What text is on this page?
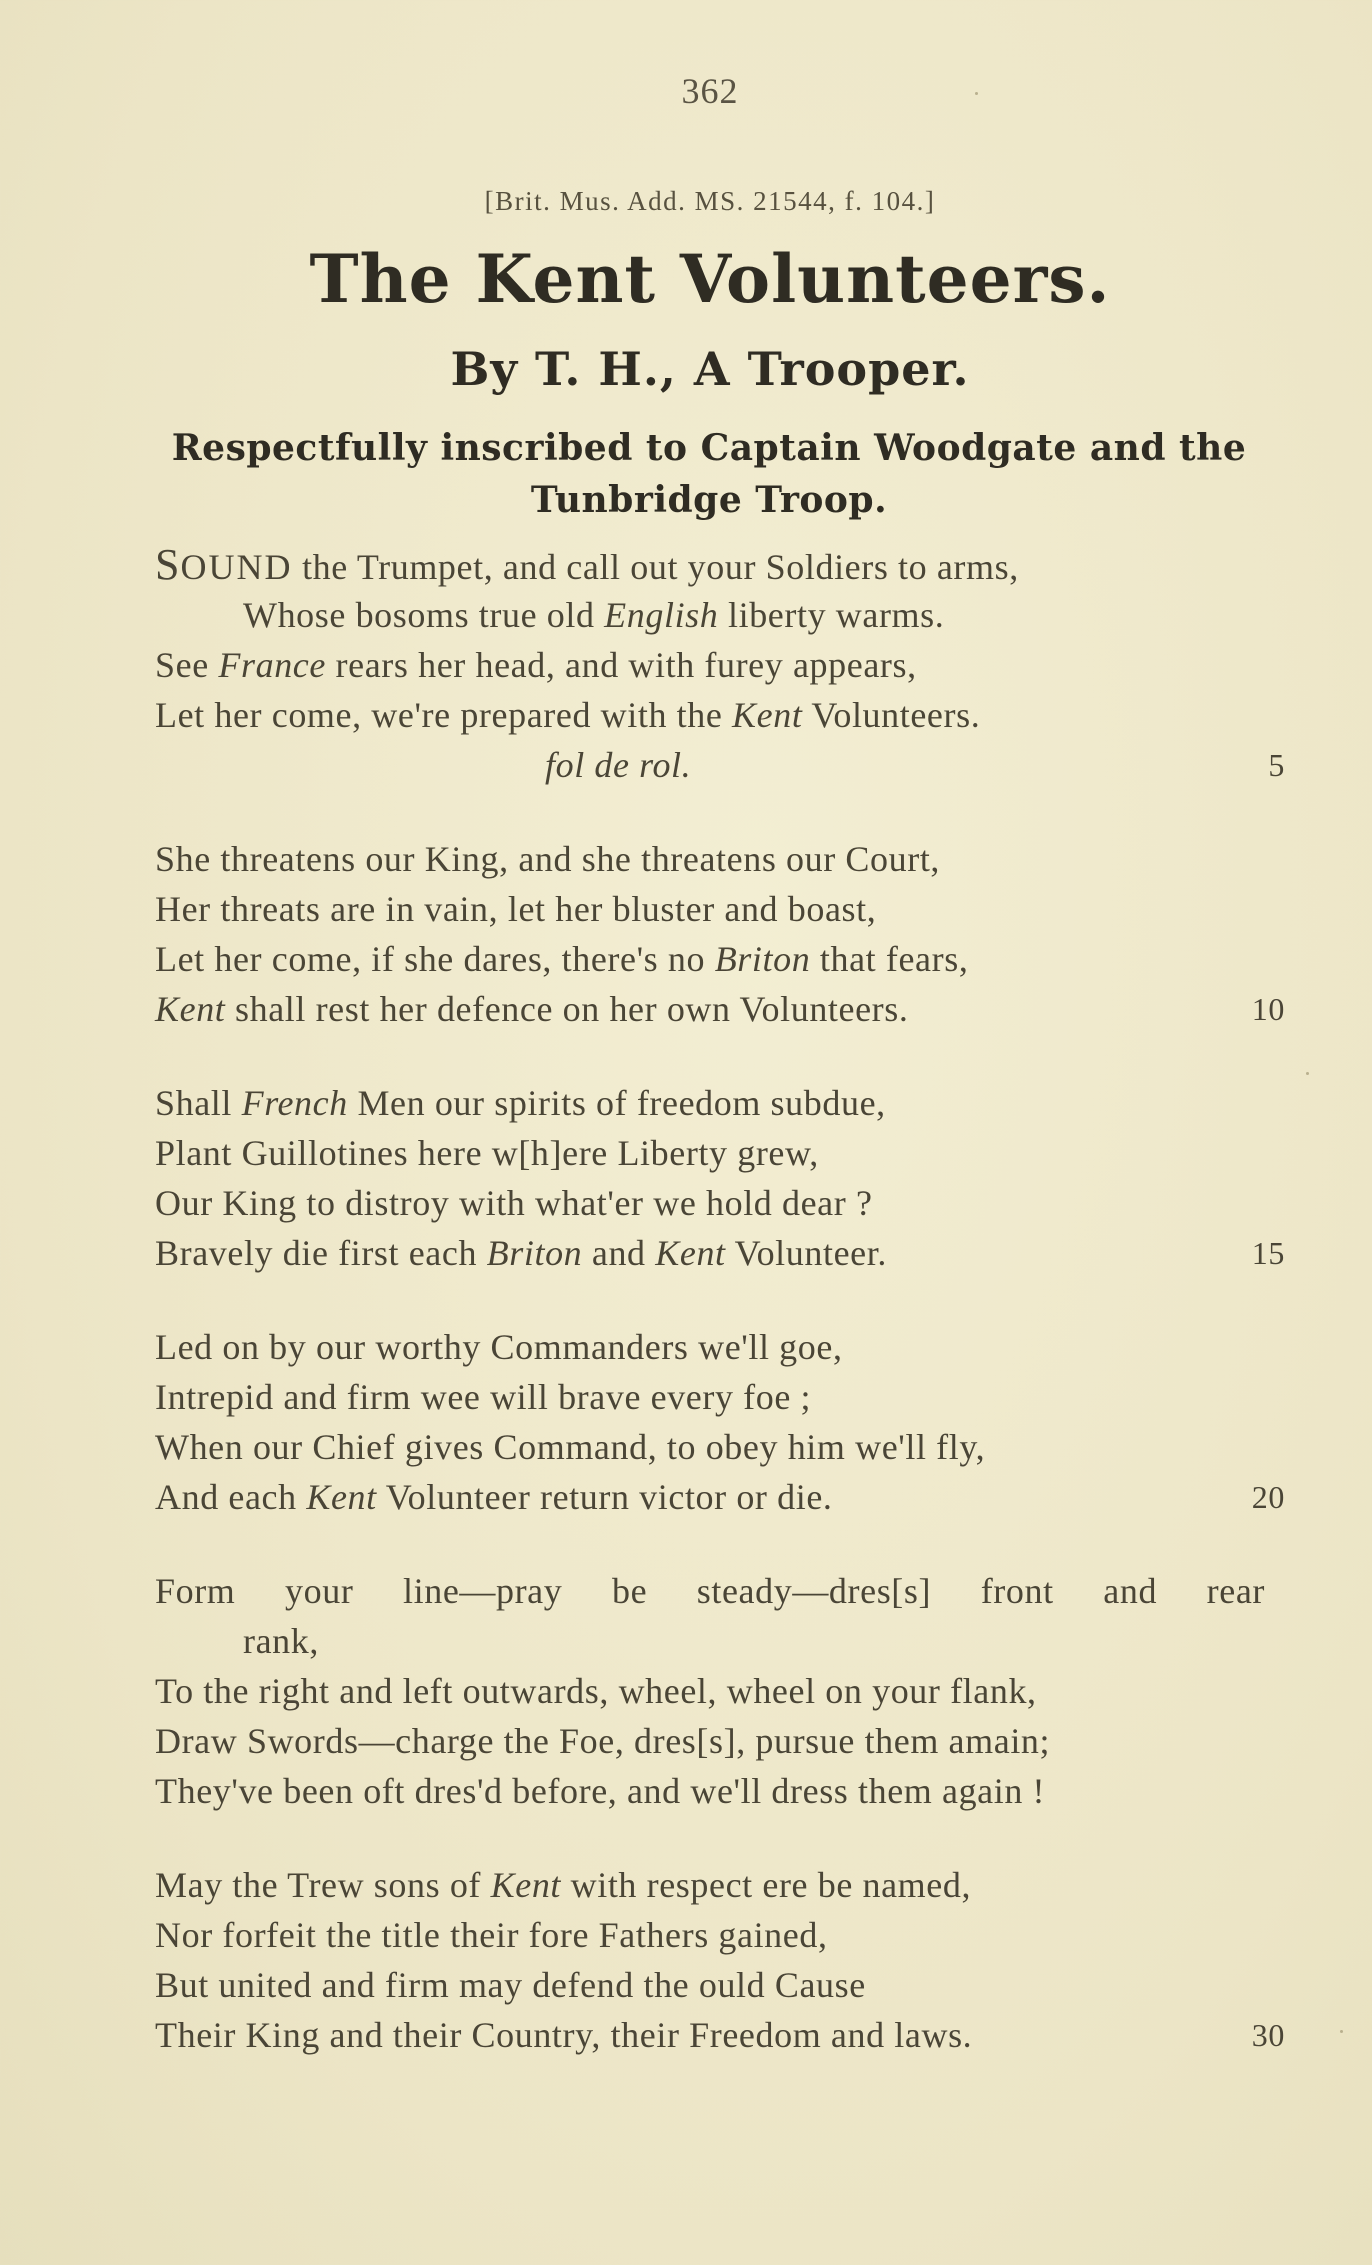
362
[Brit. Mus. Add. MS. 21544, f. 104.]
The Kent Volunteers.
By T. H., A Trooper.
Respectfully inscribed to Captain Woodgate and the Tunbridge Troop.
SOUND the Trumpet, and call out your Soldiers to arms,
Whose bosoms true old English liberty warms.
See France rears her head, and with furey appears,
Let her come, we're prepared with the Kent Volunteers.
fol de rol.	5
She threatens our King, and she threatens our Court,
Her threats are in vain, let her bluster and boast,
Let her come, if she dares, there's no Briton that fears,
Kent shall rest her defence on her own Volunteers.	10
Shall French Men our spirits of freedom subdue,
Plant Guillotines here w[h]ere Liberty grew,
Our King to distroy with what'er we hold dear ?
Bravely die first each Briton and Kent Volunteer.	15
Led on by our worthy Commanders we'll goe,
Intrepid and firm wee will brave every foe ;
When our Chief gives Command, to obey him we'll fly,
And each Kent Volunteer return victor or die.	20
Form your line—pray be steady—dres[s] front and rear
rank,
To the right and left outwards, wheel, wheel on your flank,
Draw Swords—charge the Foe, dres[s], pursue them amain;
They've been oft dres'd before, and we'll dress them again !
May the Trew sons of Kent with respect ere be named,
Nor forfeit the title their fore Fathers gained,
But united and firm may defend the ould Cause
Their King and their Country, their Freedom and laws.	30
